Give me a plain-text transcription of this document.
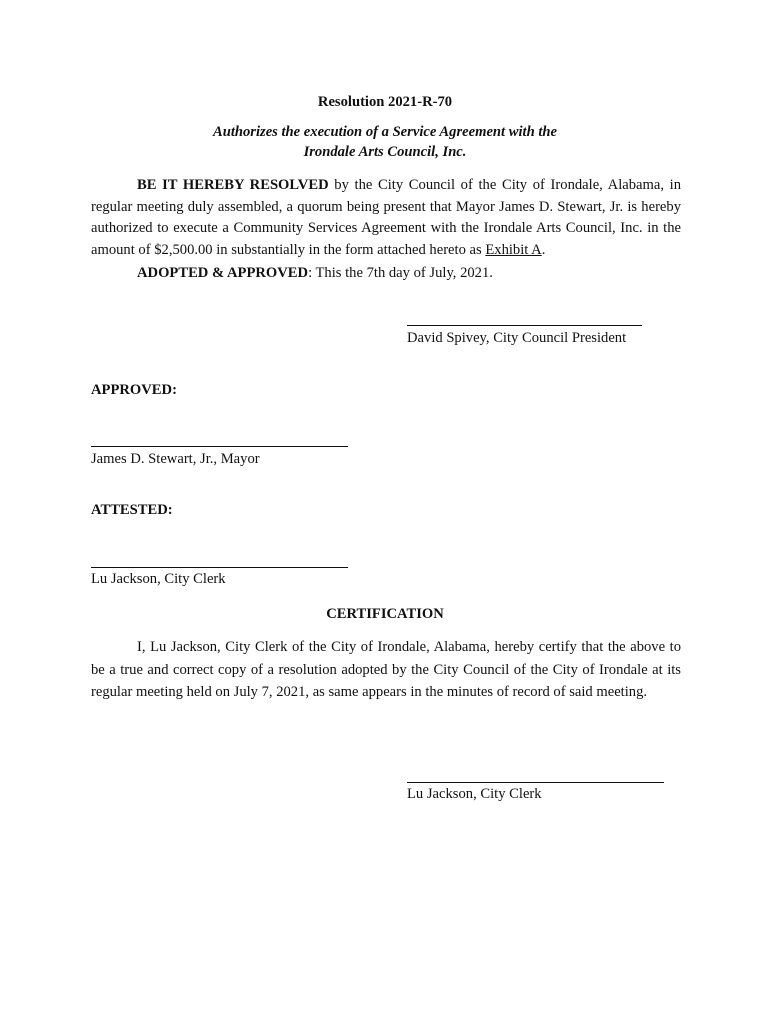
Resolution 2021-R-70
Authorizes the execution of a Service Agreement with the
Irondale Arts Council, Inc.
BE IT HEREBY RESOLVED by the City Council of the City of Irondale, Alabama, in regular meeting duly assembled, a quorum being present that Mayor James D. Stewart, Jr. is hereby authorized to execute a Community Services Agreement with the Irondale Arts Council, Inc. in the amount of $2,500.00 in substantially in the form attached hereto as Exhibit A.
ADOPTED & APPROVED: This the 7th day of July, 2021.
David Spivey, City Council President
APPROVED:
James D. Stewart, Jr., Mayor
ATTESTED:
Lu Jackson, City Clerk
CERTIFICATION
I, Lu Jackson, City Clerk of the City of Irondale, Alabama, hereby certify that the above to be a true and correct copy of a resolution adopted by the City Council of the City of Irondale at its regular meeting held on July 7, 2021, as same appears in the minutes of record of said meeting.
Lu Jackson, City Clerk
